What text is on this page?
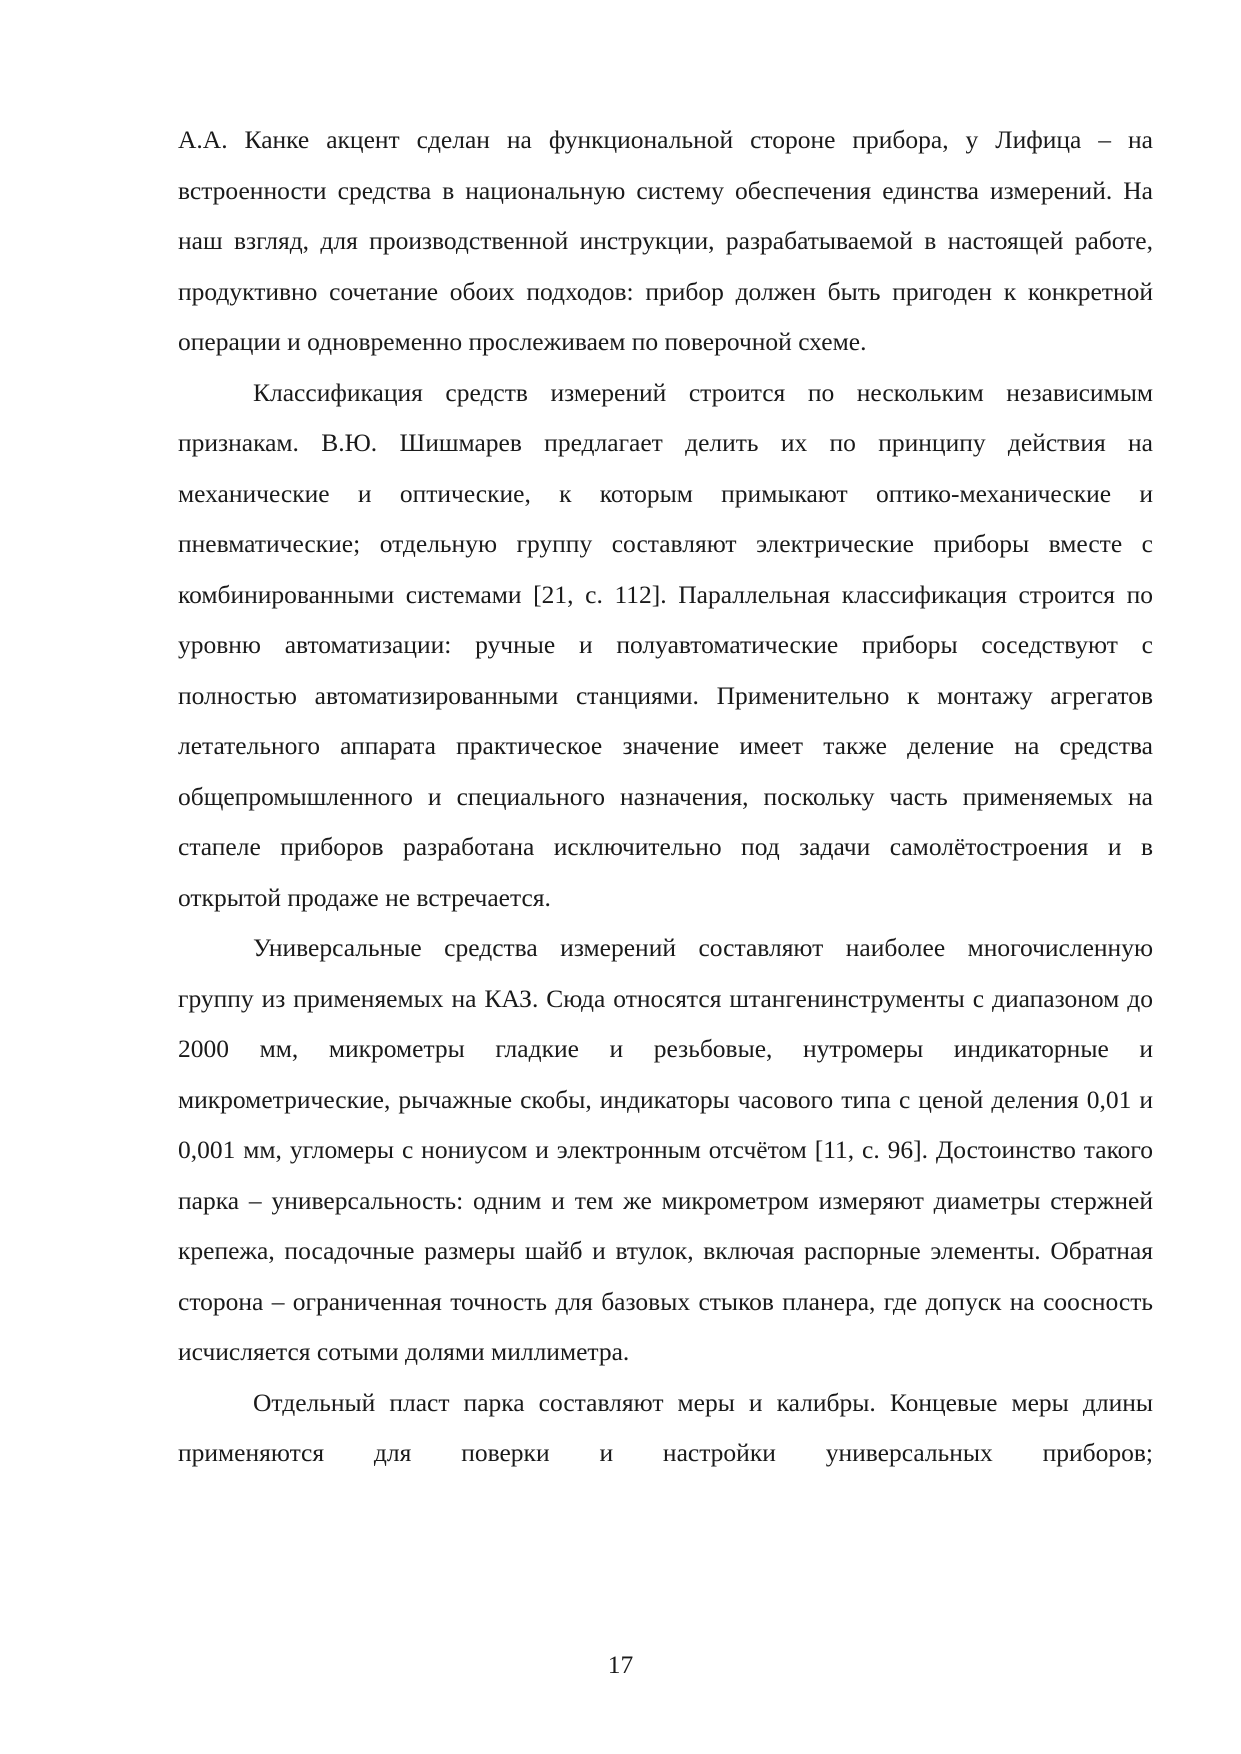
А.А. Канке акцент сделан на функциональной стороне прибора, у Лифица – на встроенности средства в национальную систему обеспечения единства измерений. На наш взгляд, для производственной инструкции, разрабатываемой в настоящей работе, продуктивно сочетание обоих подходов: прибор должен быть пригоден к конкретной операции и одновременно прослеживаем по поверочной схеме.

Классификация средств измерений строится по нескольким независимым признакам. В.Ю. Шишмарев предлагает делить их по принципу действия на механические и оптические, к которым примыкают оптико-механические и пневматические; отдельную группу составляют электрические приборы вместе с комбинированными системами [21, с. 112]. Параллельная классификация строится по уровню автоматизации: ручные и полуавтоматические приборы соседствуют с полностью автоматизированными станциями. Применительно к монтажу агрегатов летательного аппарата практическое значение имеет также деление на средства общепромышленного и специального назначения, поскольку часть применяемых на стапеле приборов разработана исключительно под задачи самолётостроения и в открытой продаже не встречается.

Универсальные средства измерений составляют наиболее многочисленную группу из применяемых на КАЗ. Сюда относятся штангенинструменты с диапазоном до 2000 мм, микрометры гладкие и резьбовые, нутромеры индикаторные и микрометрические, рычажные скобы, индикаторы часового типа с ценой деления 0,01 и 0,001 мм, угломеры с нониусом и электронным отсчётом [11, с. 96]. Достоинство такого парка – универсальность: одним и тем же микрометром измеряют диаметры стержней крепежа, посадочные размеры шайб и втулок, включая распорные элементы. Обратная сторона – ограниченная точность для базовых стыков планера, где допуск на соосность исчисляется сотыми долями миллиметра.

Отдельный пласт парка составляют меры и калибры. Концевые меры длины применяются для поверки и настройки универсальных приборов;

17
